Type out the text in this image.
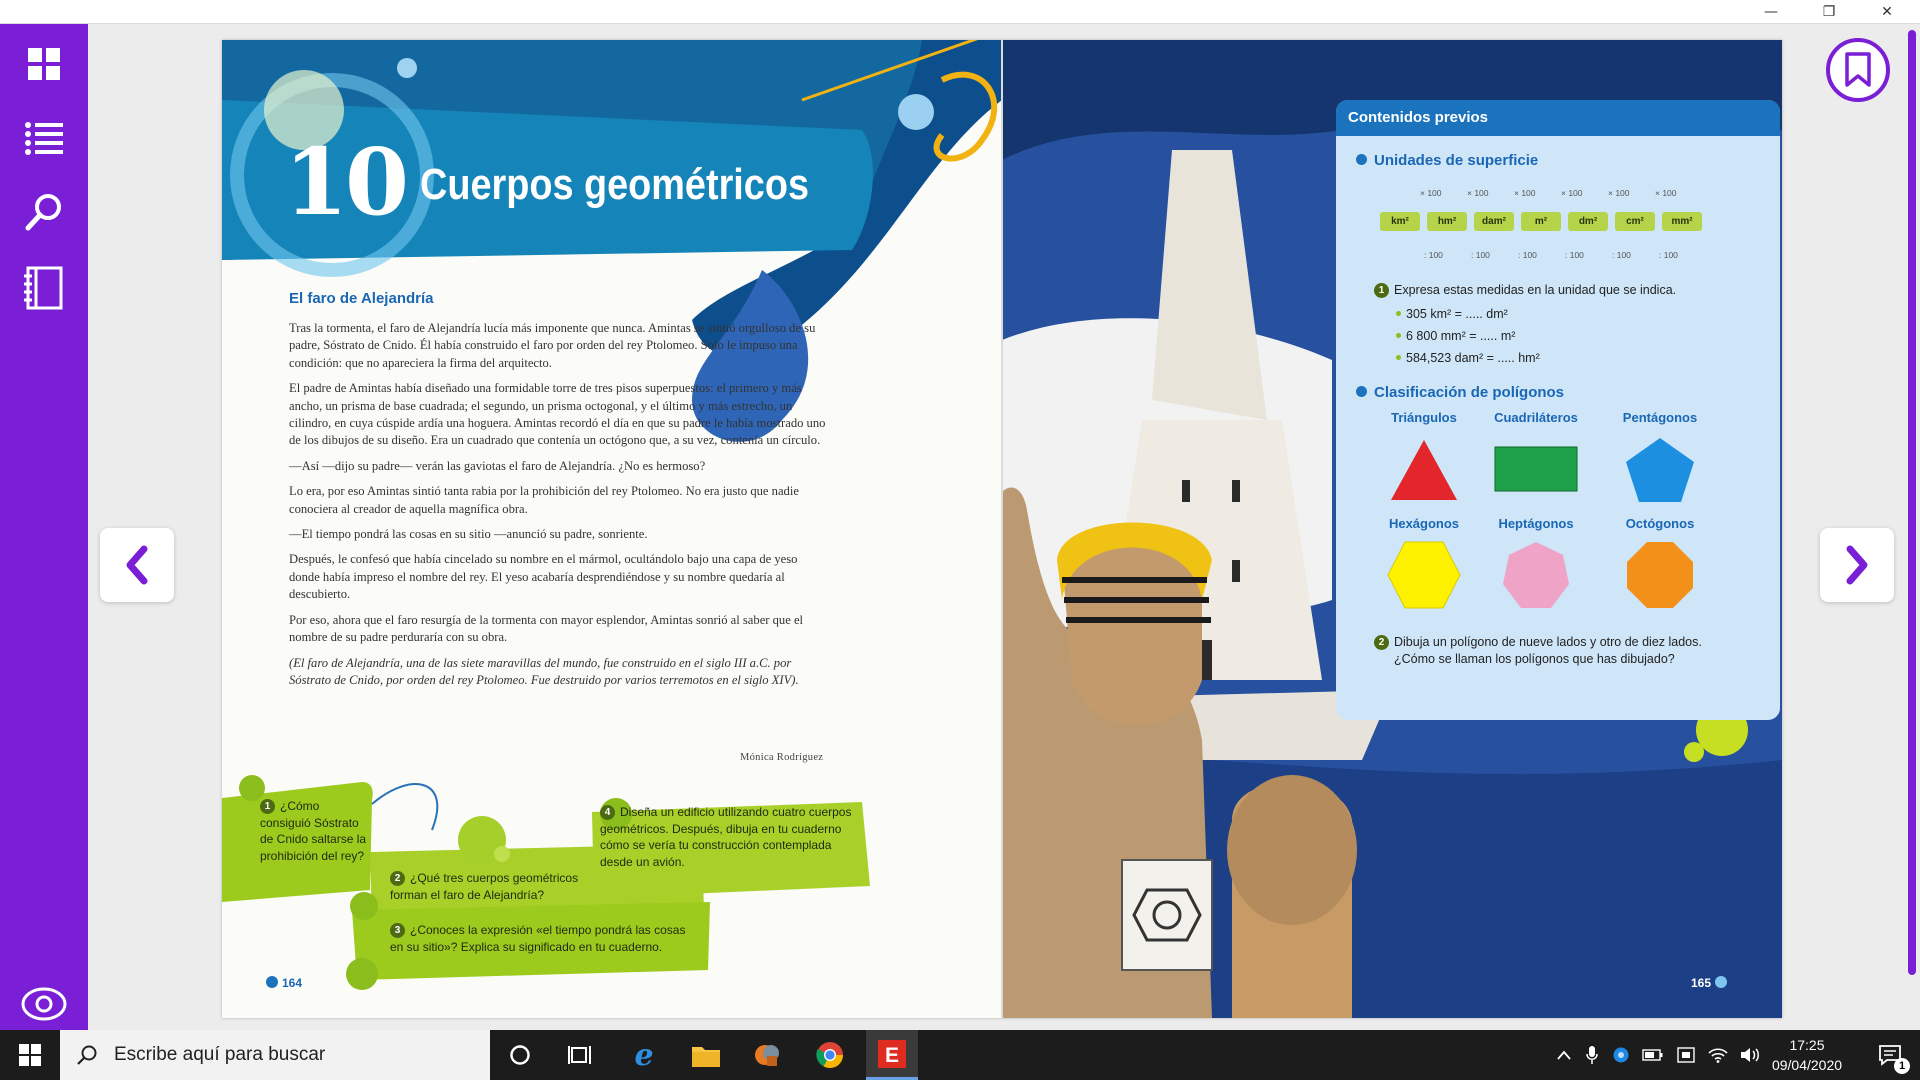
—	❐	✕
10 Cuerpos geométricos
El faro de Alejandría

Tras la tormenta, el faro de Alejandría lucía más imponente que nunca. Amintas se sintió orgulloso de su padre, Sóstrato de Cnido. Él había construido el faro por orden del rey Ptolomeo. Solo le impuso una condición: que no apareciera la firma del arquitecto.

El padre de Amintas había diseñado una formidable torre de tres pisos superpuestos: el primero y más ancho, un prisma de base cuadrada; el segundo, un prisma octogonal, y el último y más estrecho, un cilindro, en cuya cúspide ardía una hoguera. Amintas recordó el día en que su padre le había mostrado uno de los dibujos de su diseño. Era un cuadrado que contenía un octógono que, a su vez, contenía un círculo.

—Así —dijo su padre— verán las gaviotas el faro de Alejandría. ¿No es hermoso?

Lo era, por eso Amintas sintió tanta rabia por la prohibición del rey Ptolomeo. No era justo que nadie conociera al creador de aquella magnífica obra.

—El tiempo pondrá las cosas en su sitio —anunció su padre, sonriente.

Después, le confesó que había cincelado su nombre en el mármol, ocultándolo bajo una capa de yeso donde había impreso el nombre del rey. El yeso acabaría desprendiéndose y su nombre quedaría al descubierto.

Por eso, ahora que el faro resurgía de la tormenta con mayor esplendor, Amintas sonrió al saber que el nombre de su padre perduraría con su obra.

(El faro de Alejandría, una de las siete maravillas del mundo, fue construido en el siglo III a.C. por Sóstrato de Cnido, por orden del rey Ptolomeo. Fue destruido por varios terremotos en el siglo XIV).

Mónica Rodríguez
1 ¿Cómo consiguió Sóstrato de Cnido saltarse la prohibición del rey?
2 ¿Qué tres cuerpos geométricos forman el faro de Alejandría?
3 ¿Conoces la expresión «el tiempo pondrá las cosas en su sitio»? Explica su significado en tu cuaderno.
4 Diseña un edificio utilizando cuatro cuerpos geométricos. Después, dibuja en tu cuaderno cómo se vería tu construcción contemplada desde un avión.
164	165
Contenidos previos
Unidades de superficie
× 100	× 100	× 100	× 100	× 100	× 100
km²	hm²	dam²	m²	dm²	cm²	mm²
: 100	: 100	: 100	: 100	: 100	: 100
1 Expresa estas medidas en la unidad que se indica.
305 km² = ..... dm²
6 800 mm² = ..... m²
584,523 dam² = ..... hm²
Clasificación de polígonos
Triángulos	Cuadriláteros	Pentágonos
Hexágonos	Heptágonos	Octógonos
2 Dibuja un polígono de nueve lados y otro de diez lados.
¿Cómo se llaman los polígonos que has dibujado?
Escribe aquí para buscar	e	E	17:25
09/04/2020	1
